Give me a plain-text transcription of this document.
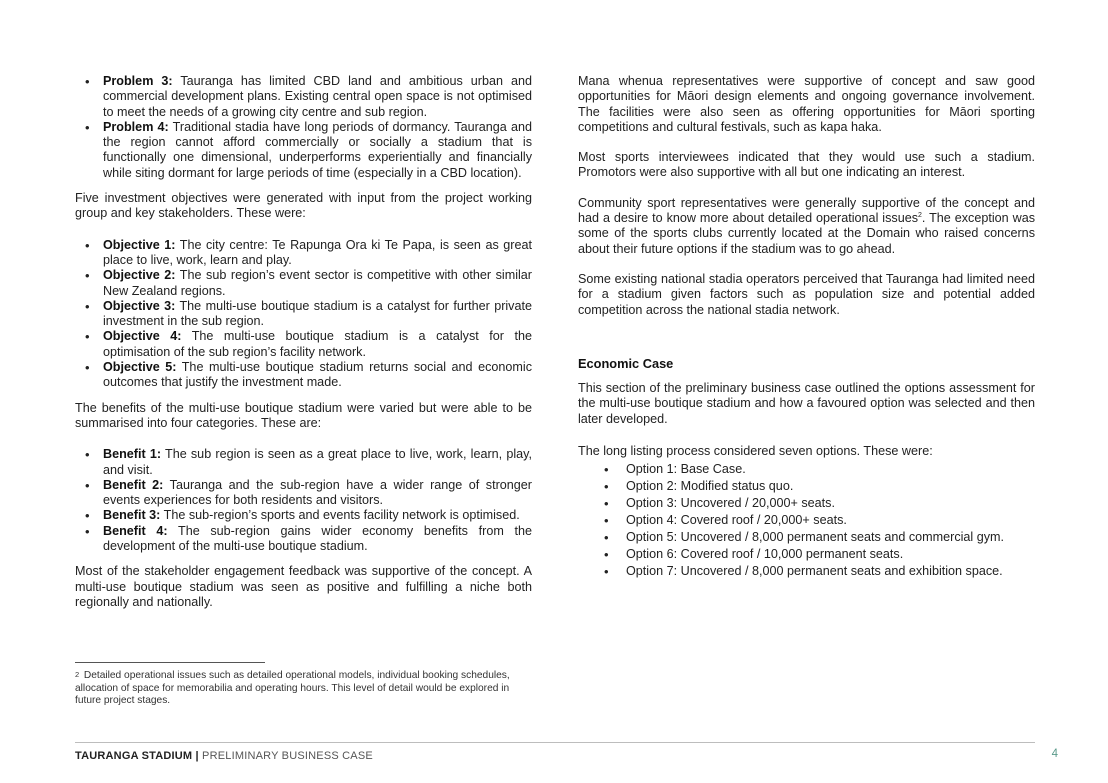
• Problem 3: Tauranga has limited CBD land and ambitious urban and commercial development plans. Existing central open space is not optimised to meet the needs of a growing city centre and sub region.
• Problem 4: Traditional stadia have long periods of dormancy. Tauranga and the region cannot afford commercially or socially a stadium that is functionally one dimensional, underperforms experientially and financially while siting dormant for large periods of time (especially in a CBD location).

Five investment objectives were generated with input from the project working group and key stakeholders. These were:

• Objective 1: The city centre: Te Rapunga Ora ki Te Papa, is seen as great place to live, work, learn and play.
• Objective 2: The sub region’s event sector is competitive with other similar New Zealand regions.
• Objective 3: The multi-use boutique stadium is a catalyst for further private investment in the sub region.
• Objective 4: The multi-use boutique stadium is a catalyst for the optimisation of the sub region’s facility network.
• Objective 5: The multi-use boutique stadium returns social and economic outcomes that justify the investment made.

The benefits of the multi-use boutique stadium were varied but were able to be summarised into four categories. These are:

• Benefit 1: The sub region is seen as a great place to live, work, learn, play, and visit.
• Benefit 2: Tauranga and the sub-region have a wider range of stronger events experiences for both residents and visitors.
• Benefit 3: The sub-region’s sports and events facility network is optimised.
• Benefit 4: The sub-region gains wider economy benefits from the development of the multi-use boutique stadium.

Most of the stakeholder engagement feedback was supportive of the concept. A multi-use boutique stadium was seen as positive and fulfilling a niche both regionally and nationally.

2 Detailed operational issues such as detailed operational models, individual booking schedules, allocation of space for memorabilia and operating hours. This level of detail would be explored in future project stages.

Mana whenua representatives were supportive of concept and saw good opportunities for Māori design elements and ongoing governance involvement. The facilities were also seen as offering opportunities for Māori sporting competitions and cultural festivals, such as kapa haka.

Most sports interviewees indicated that they would use such a stadium. Promotors were also supportive with all but one indicating an interest.

Community sport representatives were generally supportive of the concept and had a desire to know more about detailed operational issues$^2$. The exception was some of the sports clubs currently located at the Domain who raised concerns about their future options if the stadium was to go ahead.

Some existing national stadia operators perceived that Tauranga had limited need for a stadium given factors such as population size and potential added competition across the national stadia network.

Economic Case

This section of the preliminary business case outlined the options assessment for the multi-use boutique stadium and how a favoured option was selected and then later developed.

The long listing process considered seven options. These were:

• Option 1: Base Case.
• Option 2: Modified status quo.
• Option 3: Uncovered / 20,000+ seats.
• Option 4: Covered roof / 20,000+ seats.
• Option 5: Uncovered / 8,000 permanent seats and commercial gym.
• Option 6: Covered roof / 10,000 permanent seats.
• Option 7: Uncovered / 8,000 permanent seats and exhibition space.
TAURANGA STADIUM | PRELIMINARY BUSINESS CASE	4
